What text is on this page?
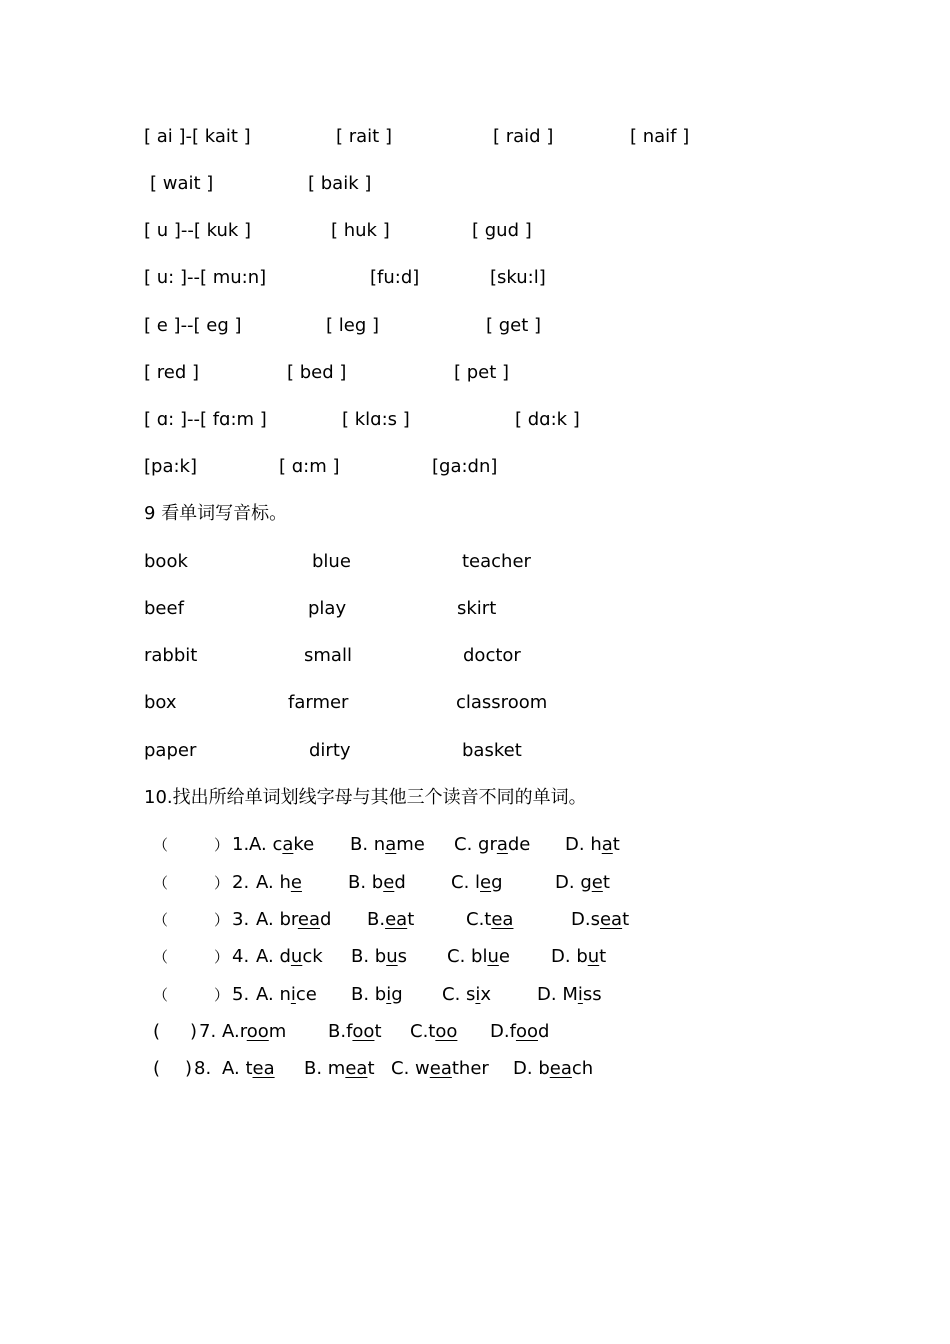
[ ai ]-[ kait ]	[ rait ]	[ raid ]	[ naif ]
[ wait ]	[ baik ]
[ u ]--[ kuk ]	[ huk ]	[ gud ]
[ u: ]--[ mu:n]	[fu:d]	[sku:l]
[ e ]--[ eg ]	[ leg ]	[ get ]
[ red ]	[ bed ]	[ pet ]
[ ɑ: ]--[ fɑ:m ]	[ klɑ:s ]	[ dɑ:k ]
[pa:k]	[ ɑ:m ]	[ga:dn]
9 看单词写音标。
book	blue	teacher
beef	play	skirt
rabbit	small	doctor
box	farmer	classroom
paper	dirty	basket
10.找出所给单词划线字母与其他三个读音不同的单词。
（	） 1. A. cake B. name C. grade D. hat
（	） 2. A. he	B. bed	C. leg	D. get
（	） 3. A. bread B.eat	C.tea	D.seat
（	） 4. A. duck B. bus C. blue D. but
（	） 5. A. nice B. big C. six	D. Miss
( ) 7. A.room B.foot C.too D.food
( ) 8. A. tea B. meat C. weather D. beach
